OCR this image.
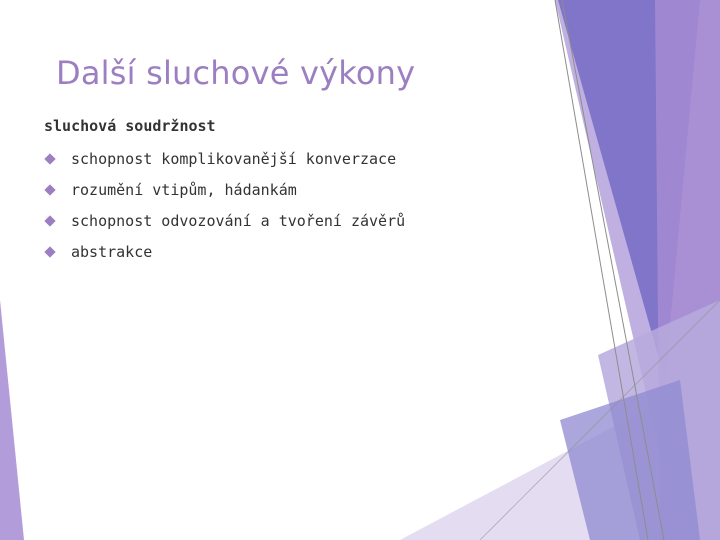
Další sluchové výkony
sluchová soudržnost
schopnost komplikovanější konverzace
rozumění vtipům, hádankám
schopnost odvozování a tvoření závěrů
abstrakce
